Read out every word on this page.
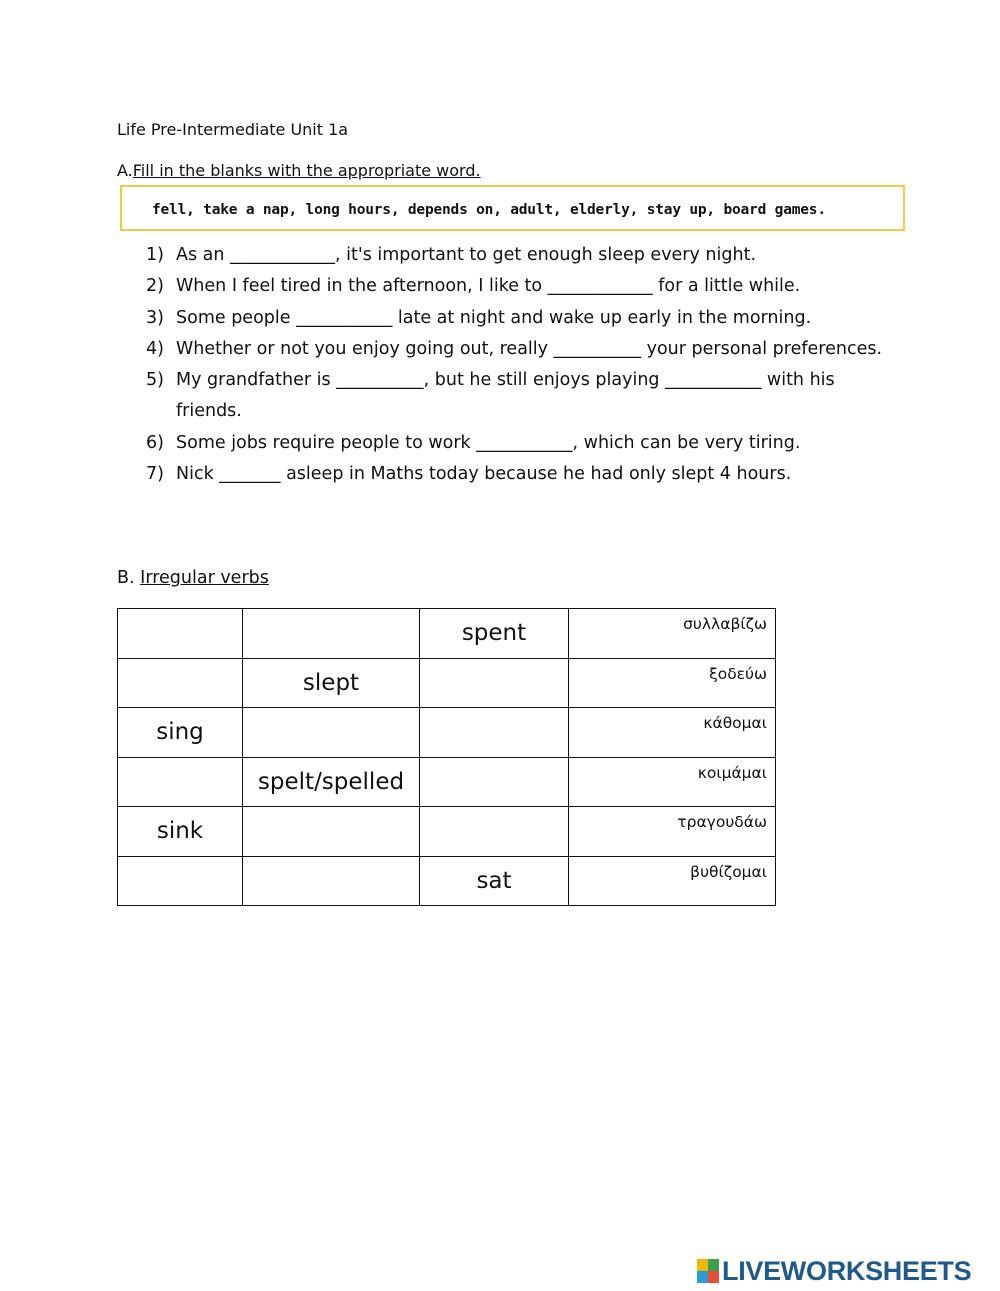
Life Pre-Intermediate Unit 1a
A.Fill in the blanks with the appropriate word.
fell, take a nap, long hours, depends on, adult, elderly, stay up, board games.
1) As an ____________, it's important to get enough sleep every night.
2) When I feel tired in the afternoon, I like to ____________ for a little while.
3) Some people ___________ late at night and wake up early in the morning.
4) Whether or not you enjoy going out, really __________ your personal preferences.
5) My grandfather is __________, but he still enjoys playing ___________ with his friends.
6) Some jobs require people to work ___________, which can be very tiring.
7) Nick _______ asleep in Maths today because he had only slept 4 hours.
B. Irregular verbs
		spent	συλλαβίζω
	slept		ξοδεύω
sing			κάθομαι
	spelt/spelled		κοιμάμαι
sink			τραγουδάω
		sat	βυθίζομαι
LIVEWORKSHEETS
